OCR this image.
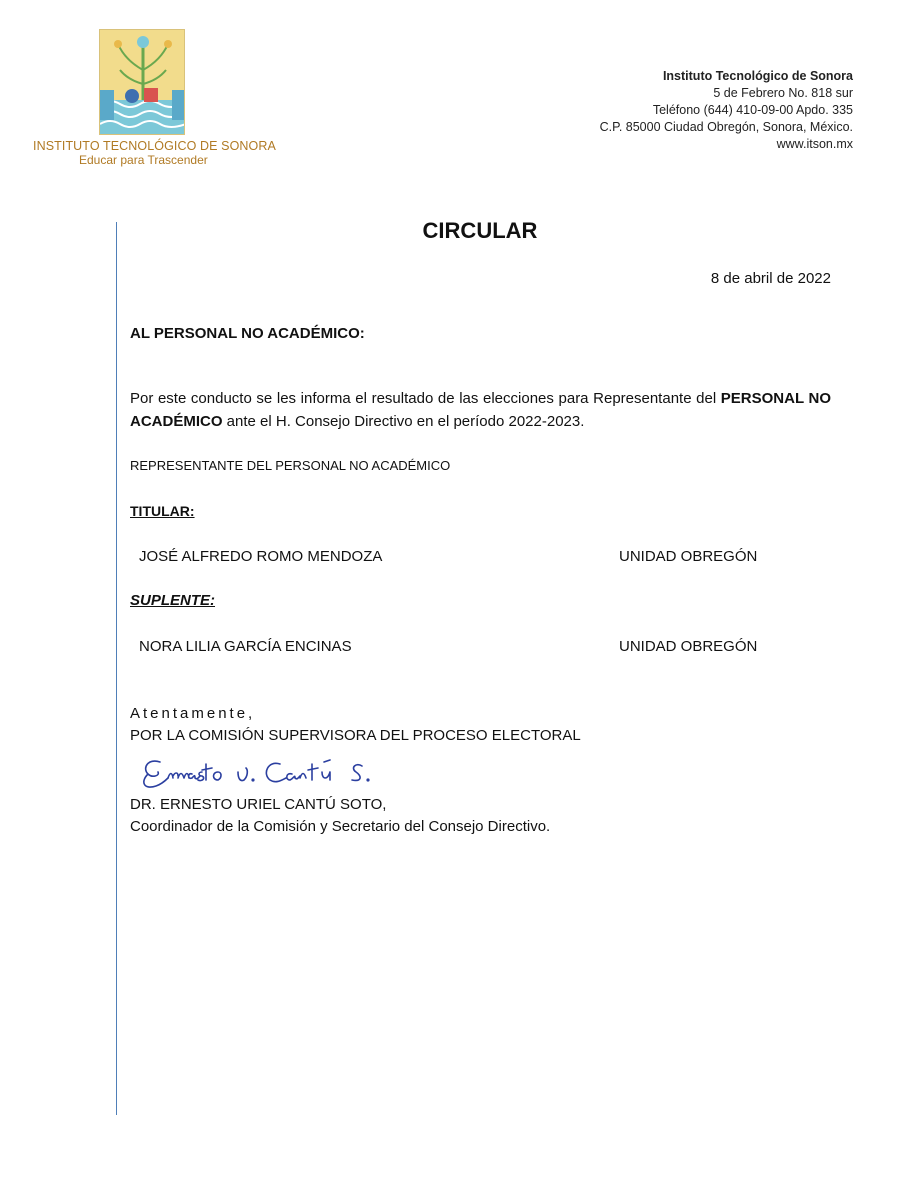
INSTITUTO TECNOLÓGICO DE SONORA
Educar para Trascender
Instituto Tecnológico de Sonora
5 de Febrero No. 818 sur
Teléfono (644) 410-09-00 Apdo. 335
C.P. 85000 Ciudad Obregón, Sonora, México.
www.itson.mx
CIRCULAR
8 de abril de 2022
AL PERSONAL NO ACADÉMICO:
Por este conducto se les informa el resultado de las elecciones para Representante del PERSONAL NO ACADÉMICO ante el H. Consejo Directivo en el período 2022-2023.
REPRESENTANTE DEL PERSONAL NO ACADÉMICO
TITULAR:
JOSÉ ALFREDO ROMO MENDOZA	UNIDAD OBREGÓN
SUPLENTE:
NORA LILIA GARCÍA ENCINAS	UNIDAD OBREGÓN
Atentamente,
POR LA COMISIÓN SUPERVISORA DEL PROCESO ELECTORAL
DR. ERNESTO URIEL CANTÚ SOTO,
Coordinador de la Comisión y Secretario del Consejo Directivo.
